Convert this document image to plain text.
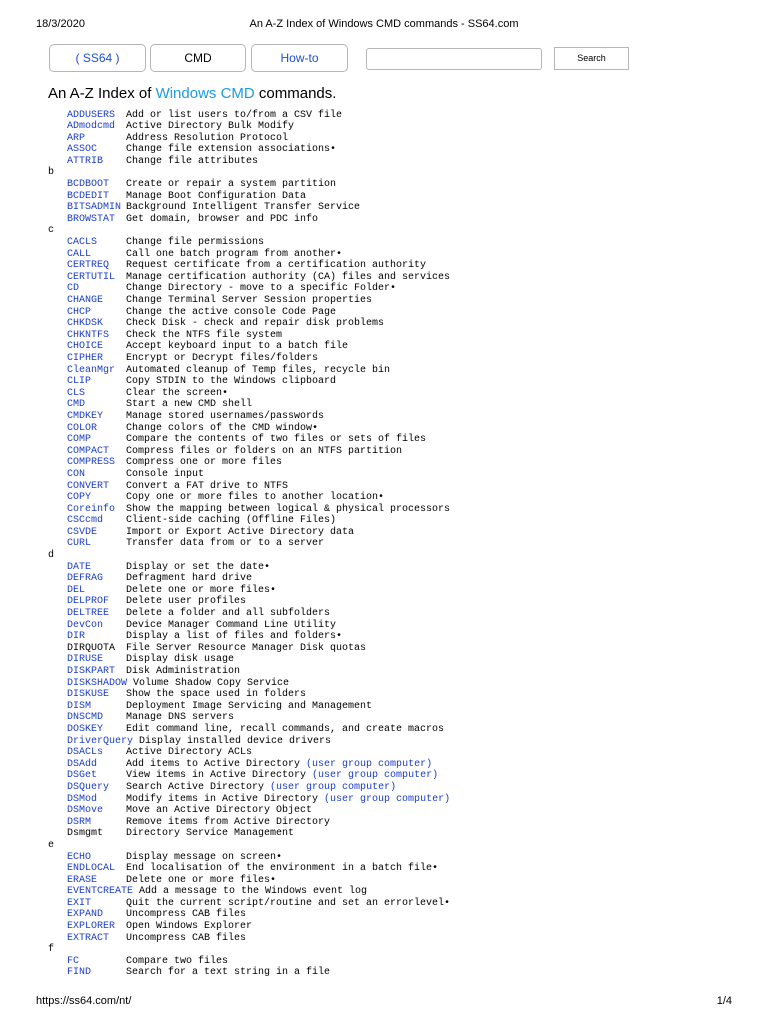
18/3/2020	An A-Z Index of Windows CMD commands - SS64.com
( SS64 )	CMD	How-to	Search
An A-Z Index of Windows CMD commands.
ADDUSERS Add or list users to/from a CSV file
ADmodcmd Active Directory Bulk Modify
ARP	Address Resolution Protocol
ASSOC	Change file extension associations•
ATTRIB Change file attributes
b
BCDBOOT Create or repair a system partition
BCDEDIT Manage Boot Configuration Data
BITSADMIN Background Intelligent Transfer Service
BROWSTAT Get domain, browser and PDC info
c
CACLS	Change file permissions
CALL	Call one batch program from another•
CERTREQ Request certificate from a certification authority
CERTUTIL Manage certification authority (CA) files and services
CD	Change Directory - move to a specific Folder•
CHANGE Change Terminal Server Session properties
CHCP	Change the active console Code Page
CHKDSK Check Disk - check and repair disk problems
CHKNTFS Check the NTFS file system
CHOICE Accept keyboard input to a batch file
CIPHER Encrypt or Decrypt files/folders
CleanMgr Automated cleanup of Temp files, recycle bin
CLIP	Copy STDIN to the Windows clipboard
CLS	Clear the screen•
CMD	Start a new CMD shell
CMDKEY Manage stored usernames/passwords
COLOR	Change colors of the CMD window•
COMP	Compare the contents of two files or sets of files
COMPACT Compress files or folders on an NTFS partition
COMPRESS Compress one or more files
CON	Console input
CONVERT Convert a FAT drive to NTFS
COPY	Copy one or more files to another location•
Coreinfo Show the mapping between logical & physical processors
CSCcmd Client-side caching (Offline Files)
CSVDE	Import or Export Active Directory data
CURL	Transfer data from or to a server
d
DATE	Display or set the date•
DEFRAG Defragment hard drive
DEL	Delete one or more files•
DELPROF Delete user profiles
DELTREE Delete a folder and all subfolders
DevCon Device Manager Command Line Utility
DIR	Display a list of files and folders•
DIRQUOTA File Server Resource Manager Disk quotas
DIRUSE Display disk usage
DISKPART Disk Administration
DISKSHADOW Volume Shadow Copy Service
DISKUSE Show the space used in folders
DISM	Deployment Image Servicing and Management
DNSCMD Manage DNS servers
DOSKEY Edit command line, recall commands, and create macros
DriverQuery Display installed device drivers
DSACLs Active Directory ACLs
DSAdd	Add items to Active Directory (user group computer)
DSGet	View items in Active Directory (user group computer)
DSQuery Search Active Directory (user group computer)
DSMod	Modify items in Active Directory (user group computer)
DSMove Move an Active Directory Object
DSRM	Remove items from Active Directory
Dsmgmt Directory Service Management
e
ECHO	Display message on screen•
ENDLOCAL End localisation of the environment in a batch file•
ERASE	Delete one or more files•
EVENTCREATE Add a message to the Windows event log
EXIT	Quit the current script/routine and set an errorlevel•
EXPAND Uncompress CAB files
EXPLORER Open Windows Explorer
EXTRACT Uncompress CAB files
f
FC	Compare two files
FIND	Search for a text string in a file
https://ss64.com/nt/	1/4
